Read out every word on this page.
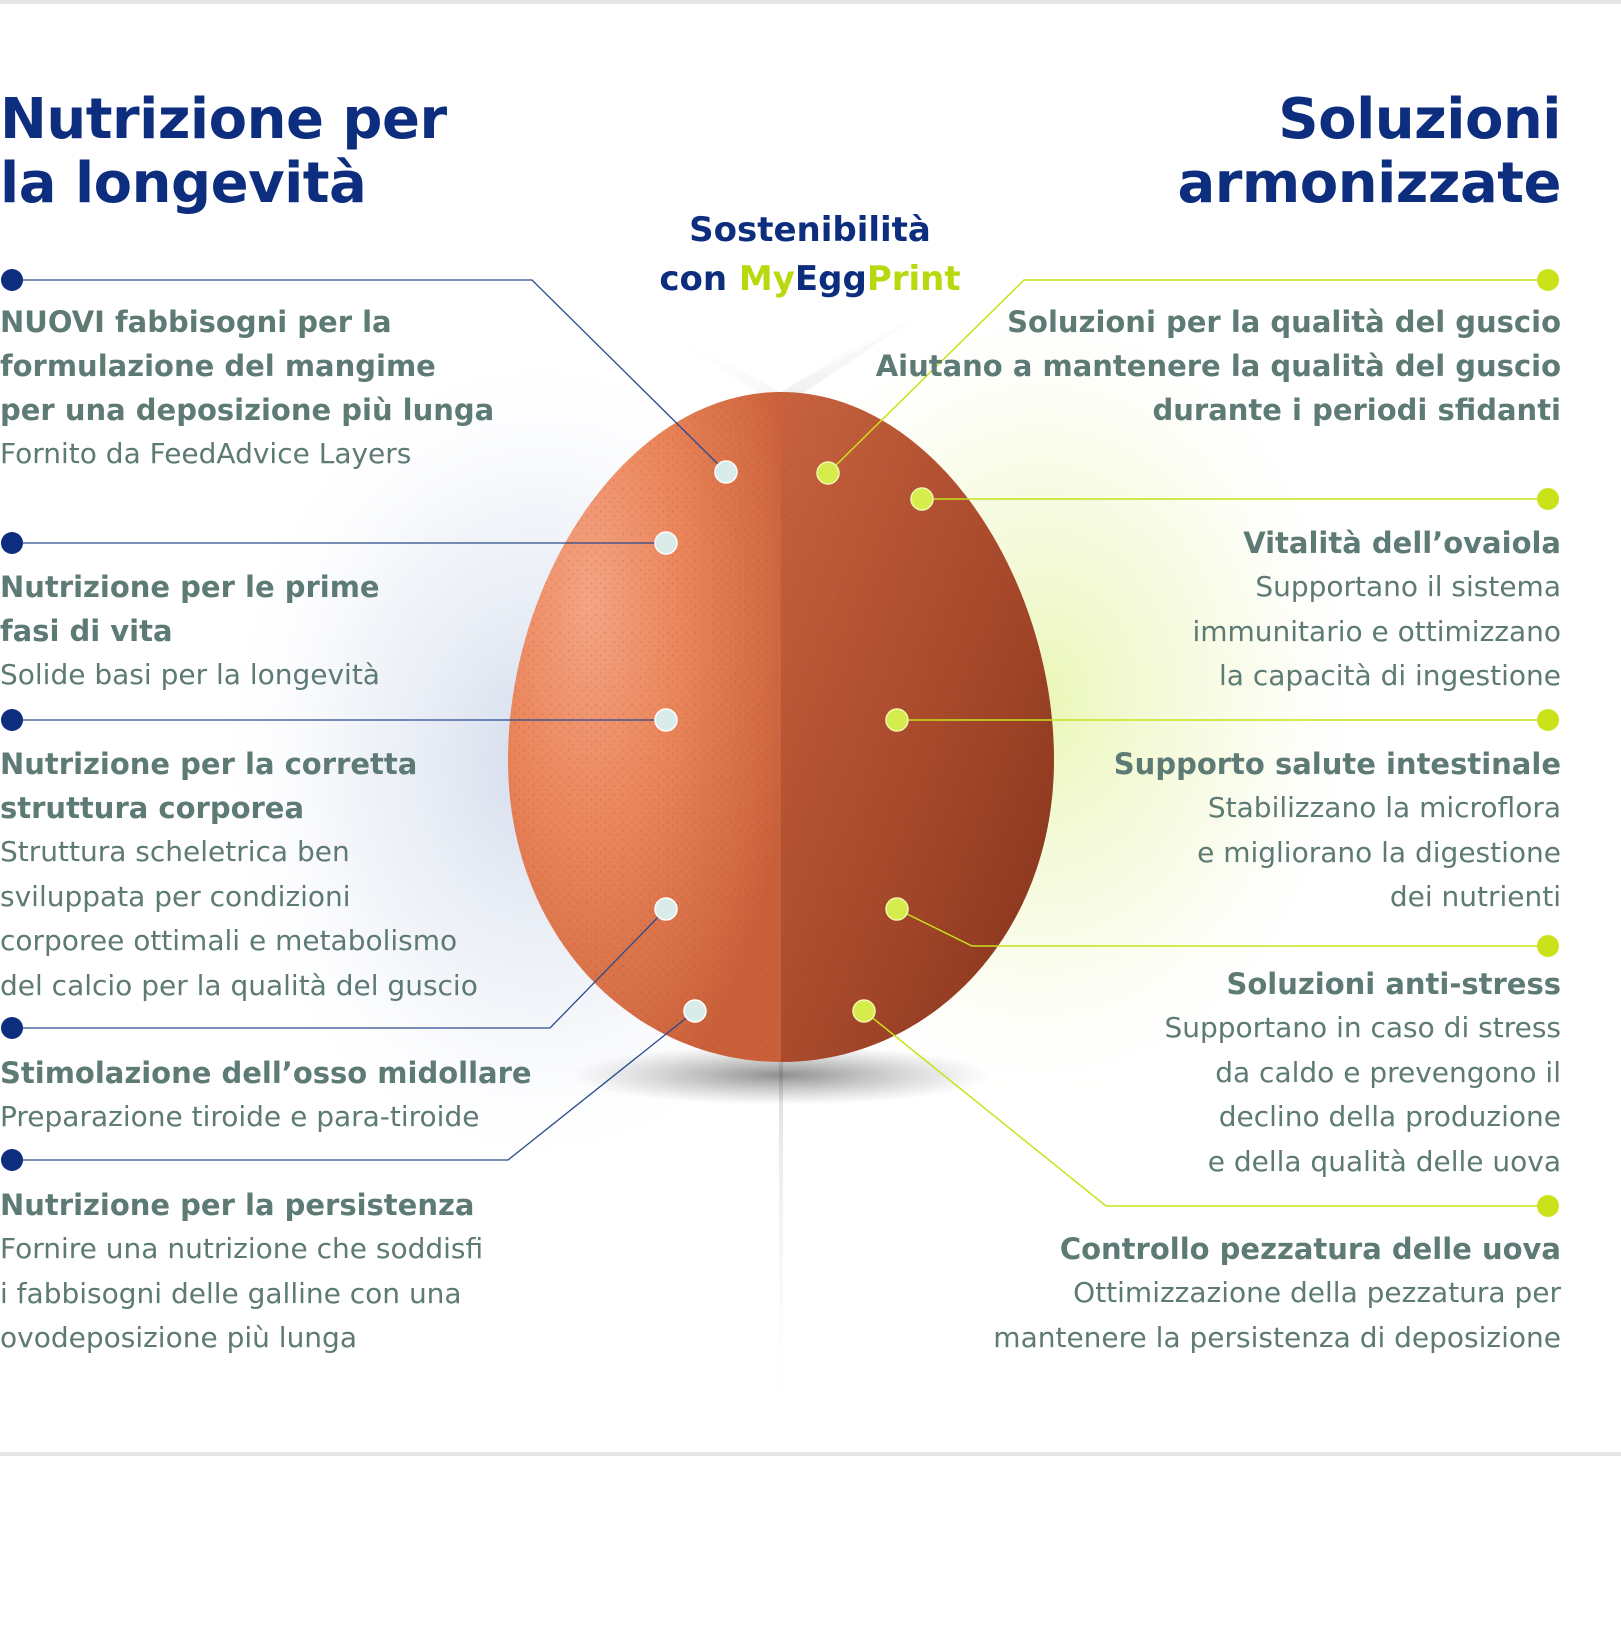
Nutrizione per
la longevità
Soluzioni
armonizzate
Sostenibilità
con MyEggPrint
NUOVI fabbisogni per la
formulazione del mangime
per una deposizione più lunga
Fornito da FeedAdvice Layers
Nutrizione per le prime
fasi di vita
Solide basi per la longevità
Nutrizione per la corretta
struttura corporea
Struttura scheletrica ben
sviluppata per condizioni
corporee ottimali e metabolismo
del calcio per la qualità del guscio
Stimolazione dell’osso midollare
Preparazione tiroide e para-tiroide
Nutrizione per la persistenza
Fornire una nutrizione che soddisfi
i fabbisogni delle galline con una
ovodeposizione più lunga
Soluzioni per la qualità del guscio
Aiutano a mantenere la qualità del guscio
durante i periodi sfidanti
Vitalità dell’ovaiola
Supportano il sistema
immunitario e ottimizzano
la capacità di ingestione
Supporto salute intestinale
Stabilizzano la microflora
e migliorano la digestione
dei nutrienti
Soluzioni anti-stress
Supportano in caso di stress
da caldo e prevengono il
declino della produzione
e della qualità delle uova
Controllo pezzatura delle uova
Ottimizzazione della pezzatura per
mantenere la persistenza di deposizione
